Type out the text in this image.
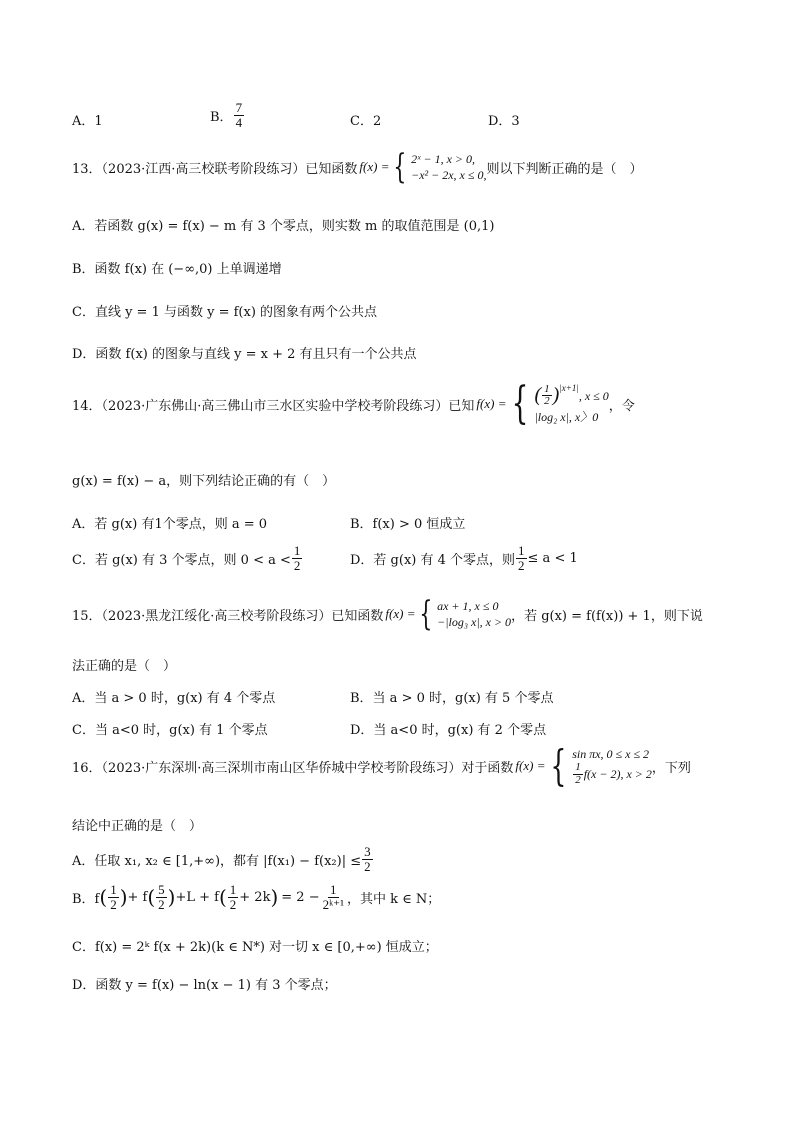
A．1	B． $\frac{7}{4}$	C．2	D．3
13．（2023·江西·高三校联考阶段练习）已知函数 f(x) = { 2ˣ − 1, x > 0,
−x² − 2x, x ≤ 0, 则以下判断正确的是（　）
A．若函数 g(x) = f(x) − m 有 3 个零点，则实数 m 的取值范围是 (0,1)
B．函数 f(x) 在 (−∞,0) 上单调递增
C．直线 y = 1 与函数 y = f(x) 的图象有两个公共点
D．函数 f(x) 的图象与直线 y = x + 2 有且只有一个公共点
14．（2023·广东佛山·高三佛山市三水区实验中学校考阶段练习）已知 f(x) = { ( $\frac{1}{2} )^{|x+1|}$
, x ≤ 0
|log₂ x|, x〉0
，令
g(x) = f(x) − a，则下列结论正确的有（　）
A．若 g(x) 有1个零点，则 a = 0	B．f(x) > 0 恒成立
C．若 g(x) 有 3 个零点，则 $0 < a < \frac{1}{2}$	D．若 g(x) 有 4 个零点，则 $\frac{1}{2} \le a < 1$
15．（2023·黑龙江绥化·高三校考阶段练习）已知函数 f(x) = { ax + 1, x ≤ 0
−|log₃ x|, x > 0 ，若 g(x) = f(f(x)) + 1，则下说
法正确的是（　）
A．当 a > 0 时，g(x) 有 4 个零点	B．当 a > 0 时，g(x) 有 5 个零点
C．当 a<0 时，g(x) 有 1 个零点	D．当 a<0 时，g(x) 有 2 个零点
16．（2023·广东深圳·高三深圳市南山区华侨城中学校考阶段练习）对于函数 f(x) = { sin πx, 0 ≤ x ≤ 2
$\frac{1}{2} f(x - 2)$, x > 2 ，下列
结论中正确的是（　）
A．任取 x₁, x₂ ∈ [1,+∞)，都有 $|f(x_1) - f(x_2)| \le \frac{3}{2}$
B．f ( $\frac{1}{2}$ ) + f ( $\frac{5}{2}$ ) +L + f ( $\frac{1}{2} + 2k$ ) = $2 - \frac{1}{\text{2ᵏ⁺¹}}$ ，其中 k ∈ N；
C．f(x) = 2ᵏ f(x + 2k)(k ∈ N*) 对一切 x ∈ [0,+∞) 恒成立；
D．函数 y = f(x) − ln(x − 1) 有 3 个零点；
